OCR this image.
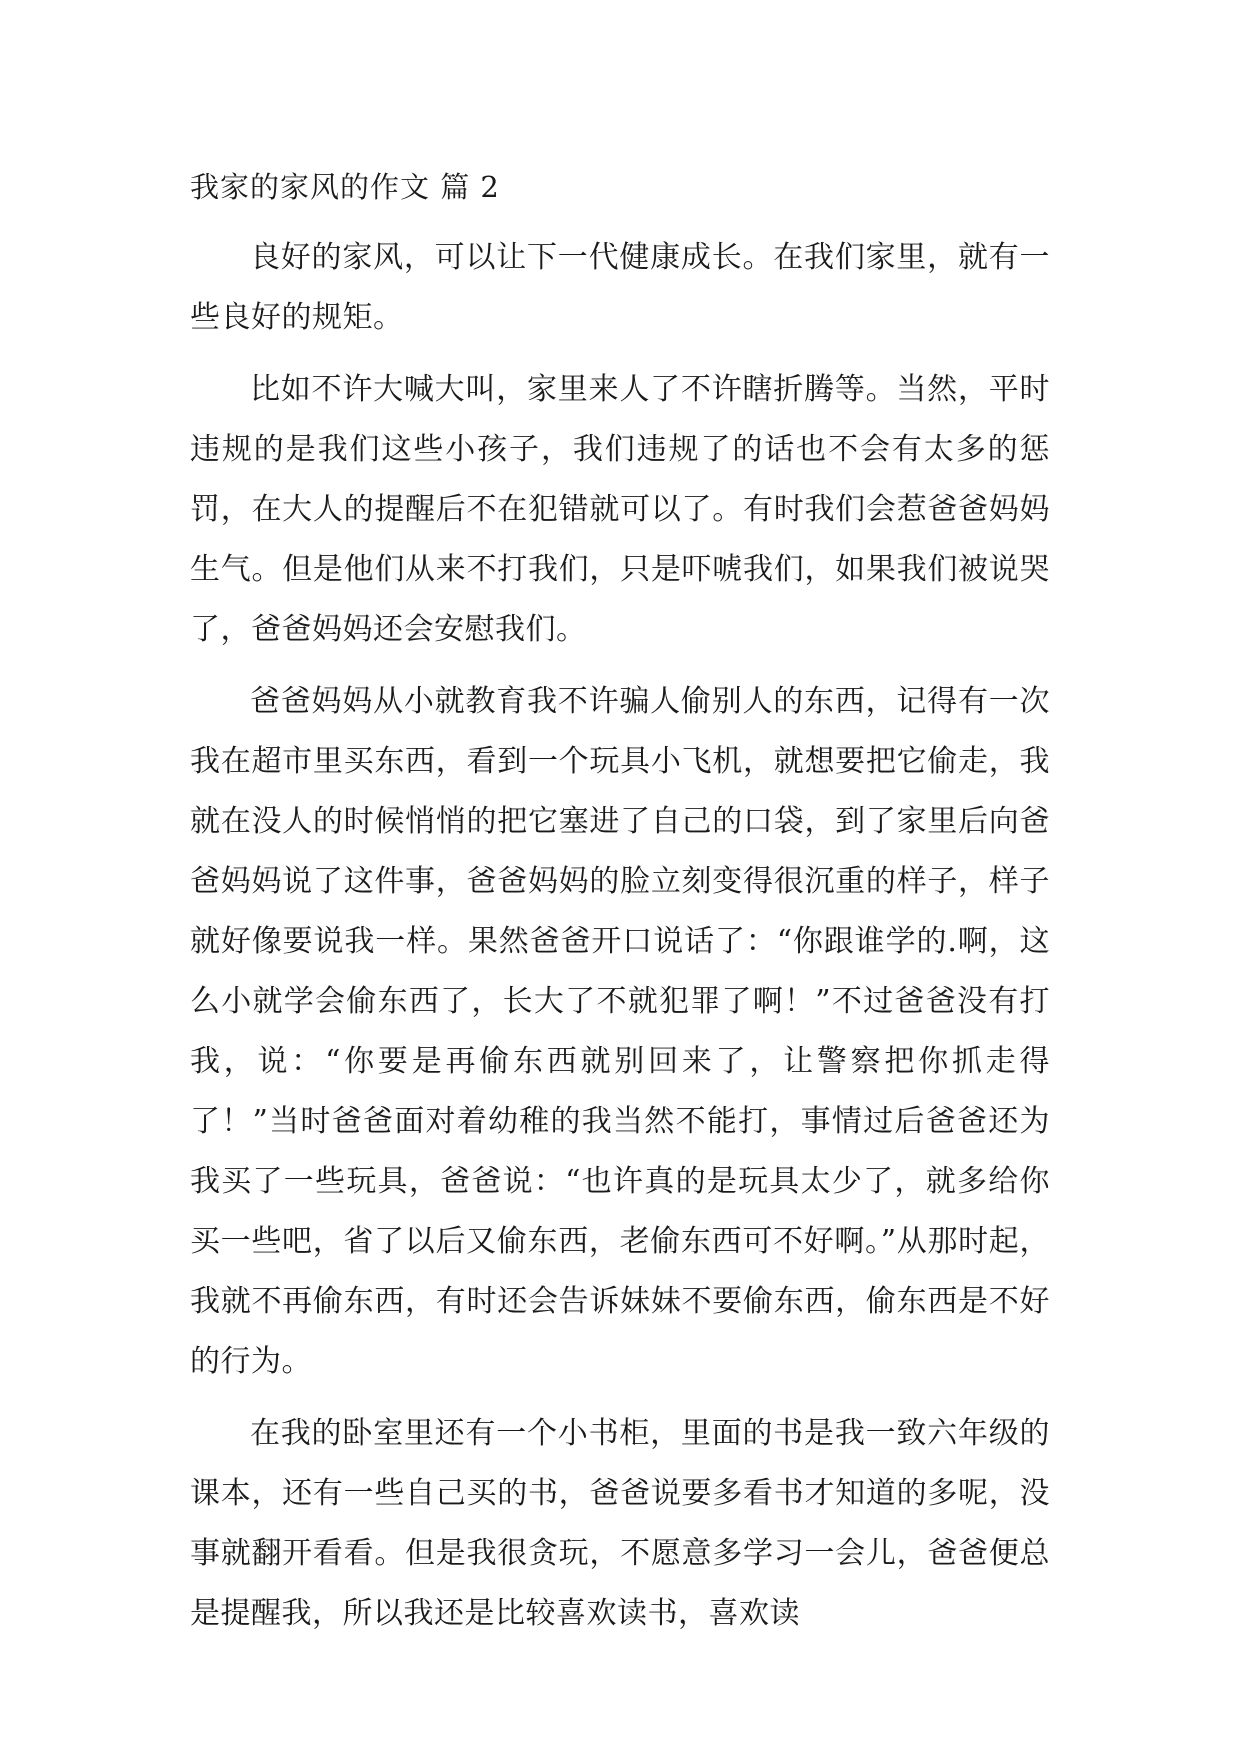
我家的家风的作文 篇 2

良好的家风，可以让下一代健康成长。在我们家里，就有一些良好的规矩。

比如不许大喊大叫，家里来人了不许瞎折腾等。当然，平时违规的是我们这些小孩子，我们违规了的话也不会有太多的惩罚，在大人的提醒后不在犯错就可以了。有时我们会惹爸爸妈妈生气。但是他们从来不打我们，只是吓唬我们，如果我们被说哭了，爸爸妈妈还会安慰我们。

爸爸妈妈从小就教育我不许骗人偷别人的东西，记得有一次我在超市里买东西，看到一个玩具小飞机，就想要把它偷走，我就在没人的时候悄悄的把它塞进了自己的口袋，到了家里后向爸爸妈妈说了这件事，爸爸妈妈的脸立刻变得很沉重的样子，样子就好像要说我一样。果然爸爸开口说话了：“你跟谁学的.啊，这么小就学会偷东西了，长大了不就犯罪了啊！”不过爸爸没有打我，说：“你要是再偷东西就别回来了，让警察把你抓走得了！”当时爸爸面对着幼稚的我当然不能打，事情过后爸爸还为我买了一些玩具，爸爸说：“也许真的是玩具太少了，就多给你买一些吧，省了以后又偷东西，老偷东西可不好啊。”从那时起，我就不再偷东西，有时还会告诉妹妹不要偷东西，偷东西是不好的行为。

在我的卧室里还有一个小书柜，里面的书是我一致六年级的课本，还有一些自己买的书，爸爸说要多看书才知道的多呢，没事就翻开看看。但是我很贪玩，不愿意多学习一会儿，爸爸便总是提醒我，所以我还是比较喜欢读书，喜欢读
